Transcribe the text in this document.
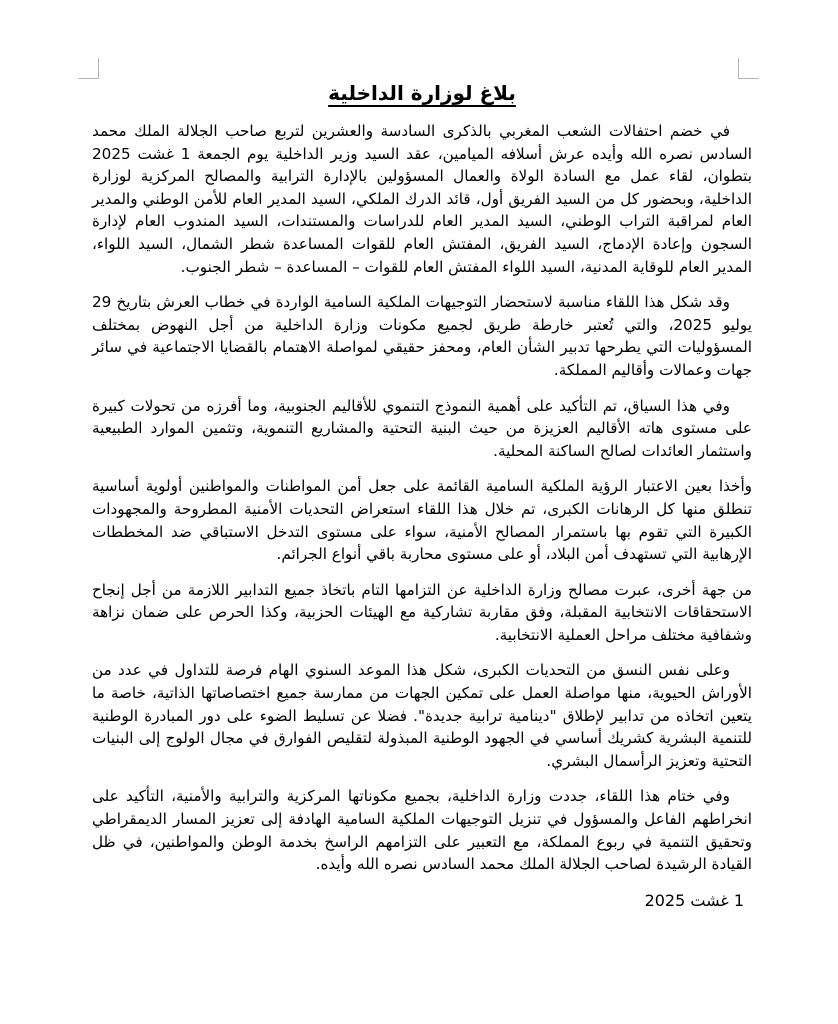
بلاغ لوزارة الداخلية

في خضم احتفالات الشعب المغربي بالذكرى السادسة والعشرين لتربع صاحب الجلالة الملك محمد السادس نصره الله وأيده عرش أسلافه الميامين، عقد السيد وزير الداخلية يوم الجمعة 1 غشت 2025 بتطوان، لقاء عمل مع السادة الولاة والعمال المسؤولين بالإدارة الترابية والمصالح المركزية لوزارة الداخلية، وبحضور كل من السيد الفريق أول، قائد الدرك الملكي، السيد المدير العام للأمن الوطني والمدير العام لمراقبة التراب الوطني، السيد المدير العام للدراسات والمستندات، السيد المندوب العام لإدارة السجون وإعادة الإدماج، السيد الفريق، المفتش العام للقوات المساعدة شطر الشمال، السيد اللواء، المدير العام للوقاية المدنية، السيد اللواء المفتش العام للقوات – المساعدة – شطر الجنوب.

وقد شكل هذا اللقاء مناسبة لاستحضار التوجيهات الملكية السامية الواردة في خطاب العرش بتاريخ 29 يوليو 2025، والتي تُعتبر خارطة طريق لجميع مكونات وزارة الداخلية من أجل النهوض بمختلف المسؤوليات التي يطرحها تدبير الشأن العام، ومحفز حقيقي لمواصلة الاهتمام بالقضايا الاجتماعية في سائر جهات وعمالات وأقاليم المملكة.

وفي هذا السياق، تم التأكيد على أهمية النموذج التنموي للأقاليم الجنوبية، وما أفرزه من تحولات كبيرة على مستوى هاته الأقاليم العزيزة من حيث البنية التحتية والمشاريع التنموية، وتثمين الموارد الطبيعية واستثمار العائدات لصالح الساكنة المحلية.

وأخذا بعين الاعتبار الرؤية الملكية السامية القائمة على جعل أمن المواطنات والمواطنين أولوية أساسية تنطلق منها كل الرهانات الكبرى، تم خلال هذا اللقاء استعراض التحديات الأمنية المطروحة والمجهودات الكبيرة التي تقوم بها باستمرار المصالح الأمنية، سواء على مستوى التدخل الاستباقي ضد المخططات الإرهابية التي تستهدف أمن البلاد، أو على مستوى محاربة باقي أنواع الجرائم.

من جهة أخرى، عبرت مصالح وزارة الداخلية عن التزامها التام باتخاذ جميع التدابير اللازمة من أجل إنجاح الاستحقاقات الانتخابية المقبلة، وفق مقاربة تشاركية مع الهيئات الحزبية، وكذا الحرص على ضمان نزاهة وشفافية مختلف مراحل العملية الانتخابية.

وعلى نفس النسق من التحديات الكبرى، شكل هذا الموعد السنوي الهام فرصة للتداول في عدد من الأوراش الحيوية، منها مواصلة العمل على تمكين الجهات من ممارسة جميع اختصاصاتها الذاتية، خاصة ما يتعين اتخاذه من تدابير لإطلاق "دينامية ترابية جديدة". فضلا عن تسليط الضوء على دور المبادرة الوطنية للتنمية البشرية كشريك أساسي في الجهود الوطنية المبذولة لتقليص الفوارق في مجال الولوج إلى البنيات التحتية وتعزيز الرأسمال البشري.

وفي ختام هذا اللقاء، جددت وزارة الداخلية، بجميع مكوناتها المركزية والترابية والأمنية، التأكيد على انخراطهم الفاعل والمسؤول في تنزيل التوجيهات الملكية السامية الهادفة إلى تعزيز المسار الديمقراطي وتحقيق التنمية في ربوع المملكة، مع التعبير على التزامهم الراسخ بخدمة الوطن والمواطنين، في ظل القيادة الرشيدة لصاحب الجلالة الملك محمد السادس نصره الله وأيده.

1 غشت 2025
